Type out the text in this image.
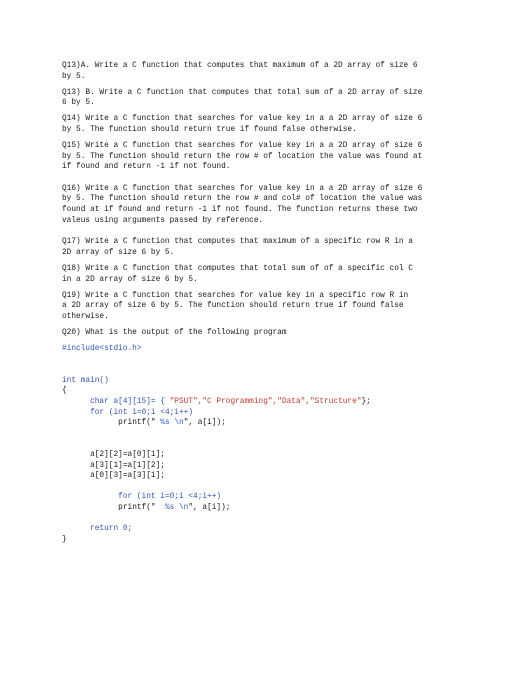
Q13)A. Write a C function that computes that maximum of a 2D array of size 6
by 5.

Q13) B. Write a C function that computes that total sum of a 2D array of size
6 by 5.

Q14) Write a C function that searches for value key in a a 2D array of size 6
by 5. The function should return true if found false otherwise.

Q15) Write a C function that searches for value key in a a 2D array of size 6
by 5. The function should return the row # of location the value was found at
if found and return -1 if not found.

Q16) Write a C function that searches for value key in a a 2D array of size 6
by 5. The function should return the row # and col# of location the value was
found at if found and return -1 if not found. The function returns these two
valeus using arguments passed by reference.

Q17) Write a C function that computes that maximum of a specific row R in a
2D array of size 6 by 5.

Q18) Write a C function that computes that total sum of of a specific col C
in a 2D array of size 6 by 5.

Q19) Write a C function that searches for value key in a specific row R in
a 2D array of size 6 by 5. The function should return true if found false
otherwise.

Q20) What is the output of the following program

#include<stdio.h>
int main()
{
char a[4][15]= { "PSUT","C Programming","Data","Structure"};
for (int i=0;i <4;i++)
printf(" %s \n", a[i]);
a[2][2]=a[0][1];
a[3][1]=a[1][2];
a[0][3]=a[3][1];
for (int i=0;i <4;i++)
printf("  %s \n", a[i]);
return 0;
}
